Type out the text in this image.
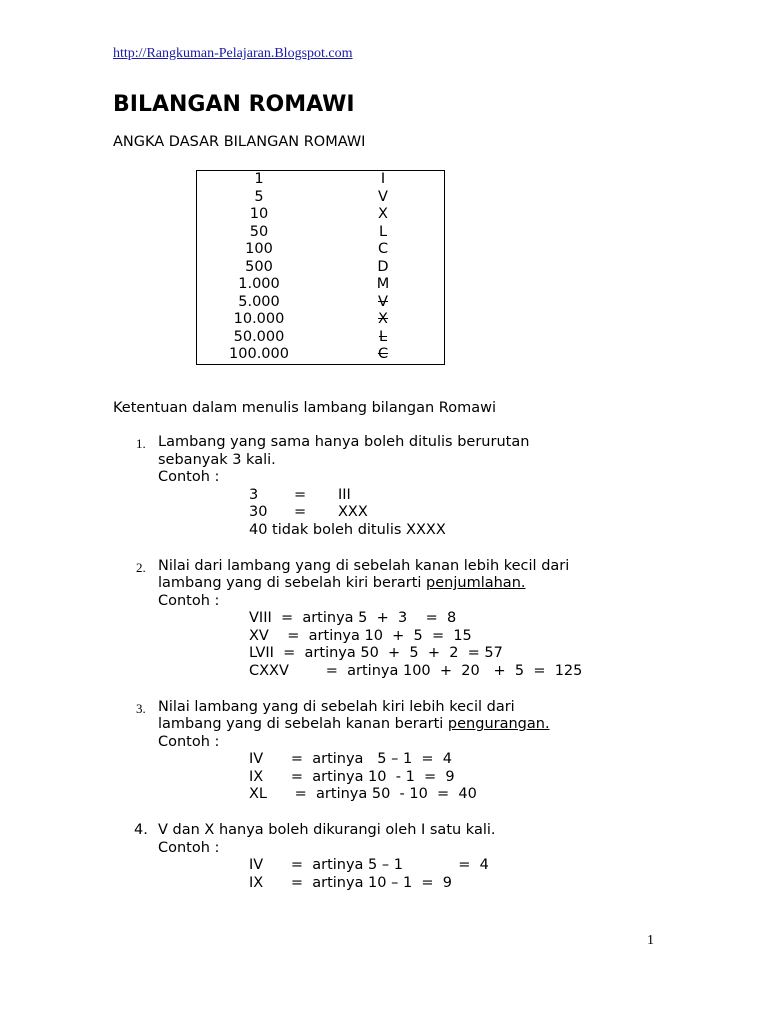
http://Rangkuman-Pelajaran.Blogspot.com
BILANGAN ROMAWI
ANGKA DASAR BILANGAN ROMAWI
1	I
5	V
10	X
50	L
100	C
500	D
1.000	M
5.000	V
10.000	X
50.000	L
100.000	C
Ketentuan dalam menulis lambang bilangan Romawi
1. Lambang yang sama hanya boleh ditulis berurutan
sebanyak 3 kali.
Contoh :
3 = III
30 = XXX
40 tidak boleh ditulis XXXX
2. Nilai dari lambang yang di sebelah kanan lebih kecil dari
lambang yang di sebelah kiri berarti penjumlahan.
Contoh :
VIII  =  artinya 5  +  3    =  8
XV    =  artinya 10  +  5  =  15
LVII  =  artinya 50  +  5  +  2  = 57
CXXV        =  artinya 100  +  20   +  5  =  125
3. Nilai lambang yang di sebelah kiri lebih kecil dari
lambang yang di sebelah kanan berarti pengurangan.
Contoh :
IV      =  artinya   5 – 1  =  4
IX      =  artinya 10  - 1  =  9
XL      =  artinya 50  - 10  =  40
4. V dan X hanya boleh dikurangi oleh I satu kali.
Contoh :
IV      =  artinya 5 – 1            =  4
IX      =  artinya 10 – 1  =  9
1
